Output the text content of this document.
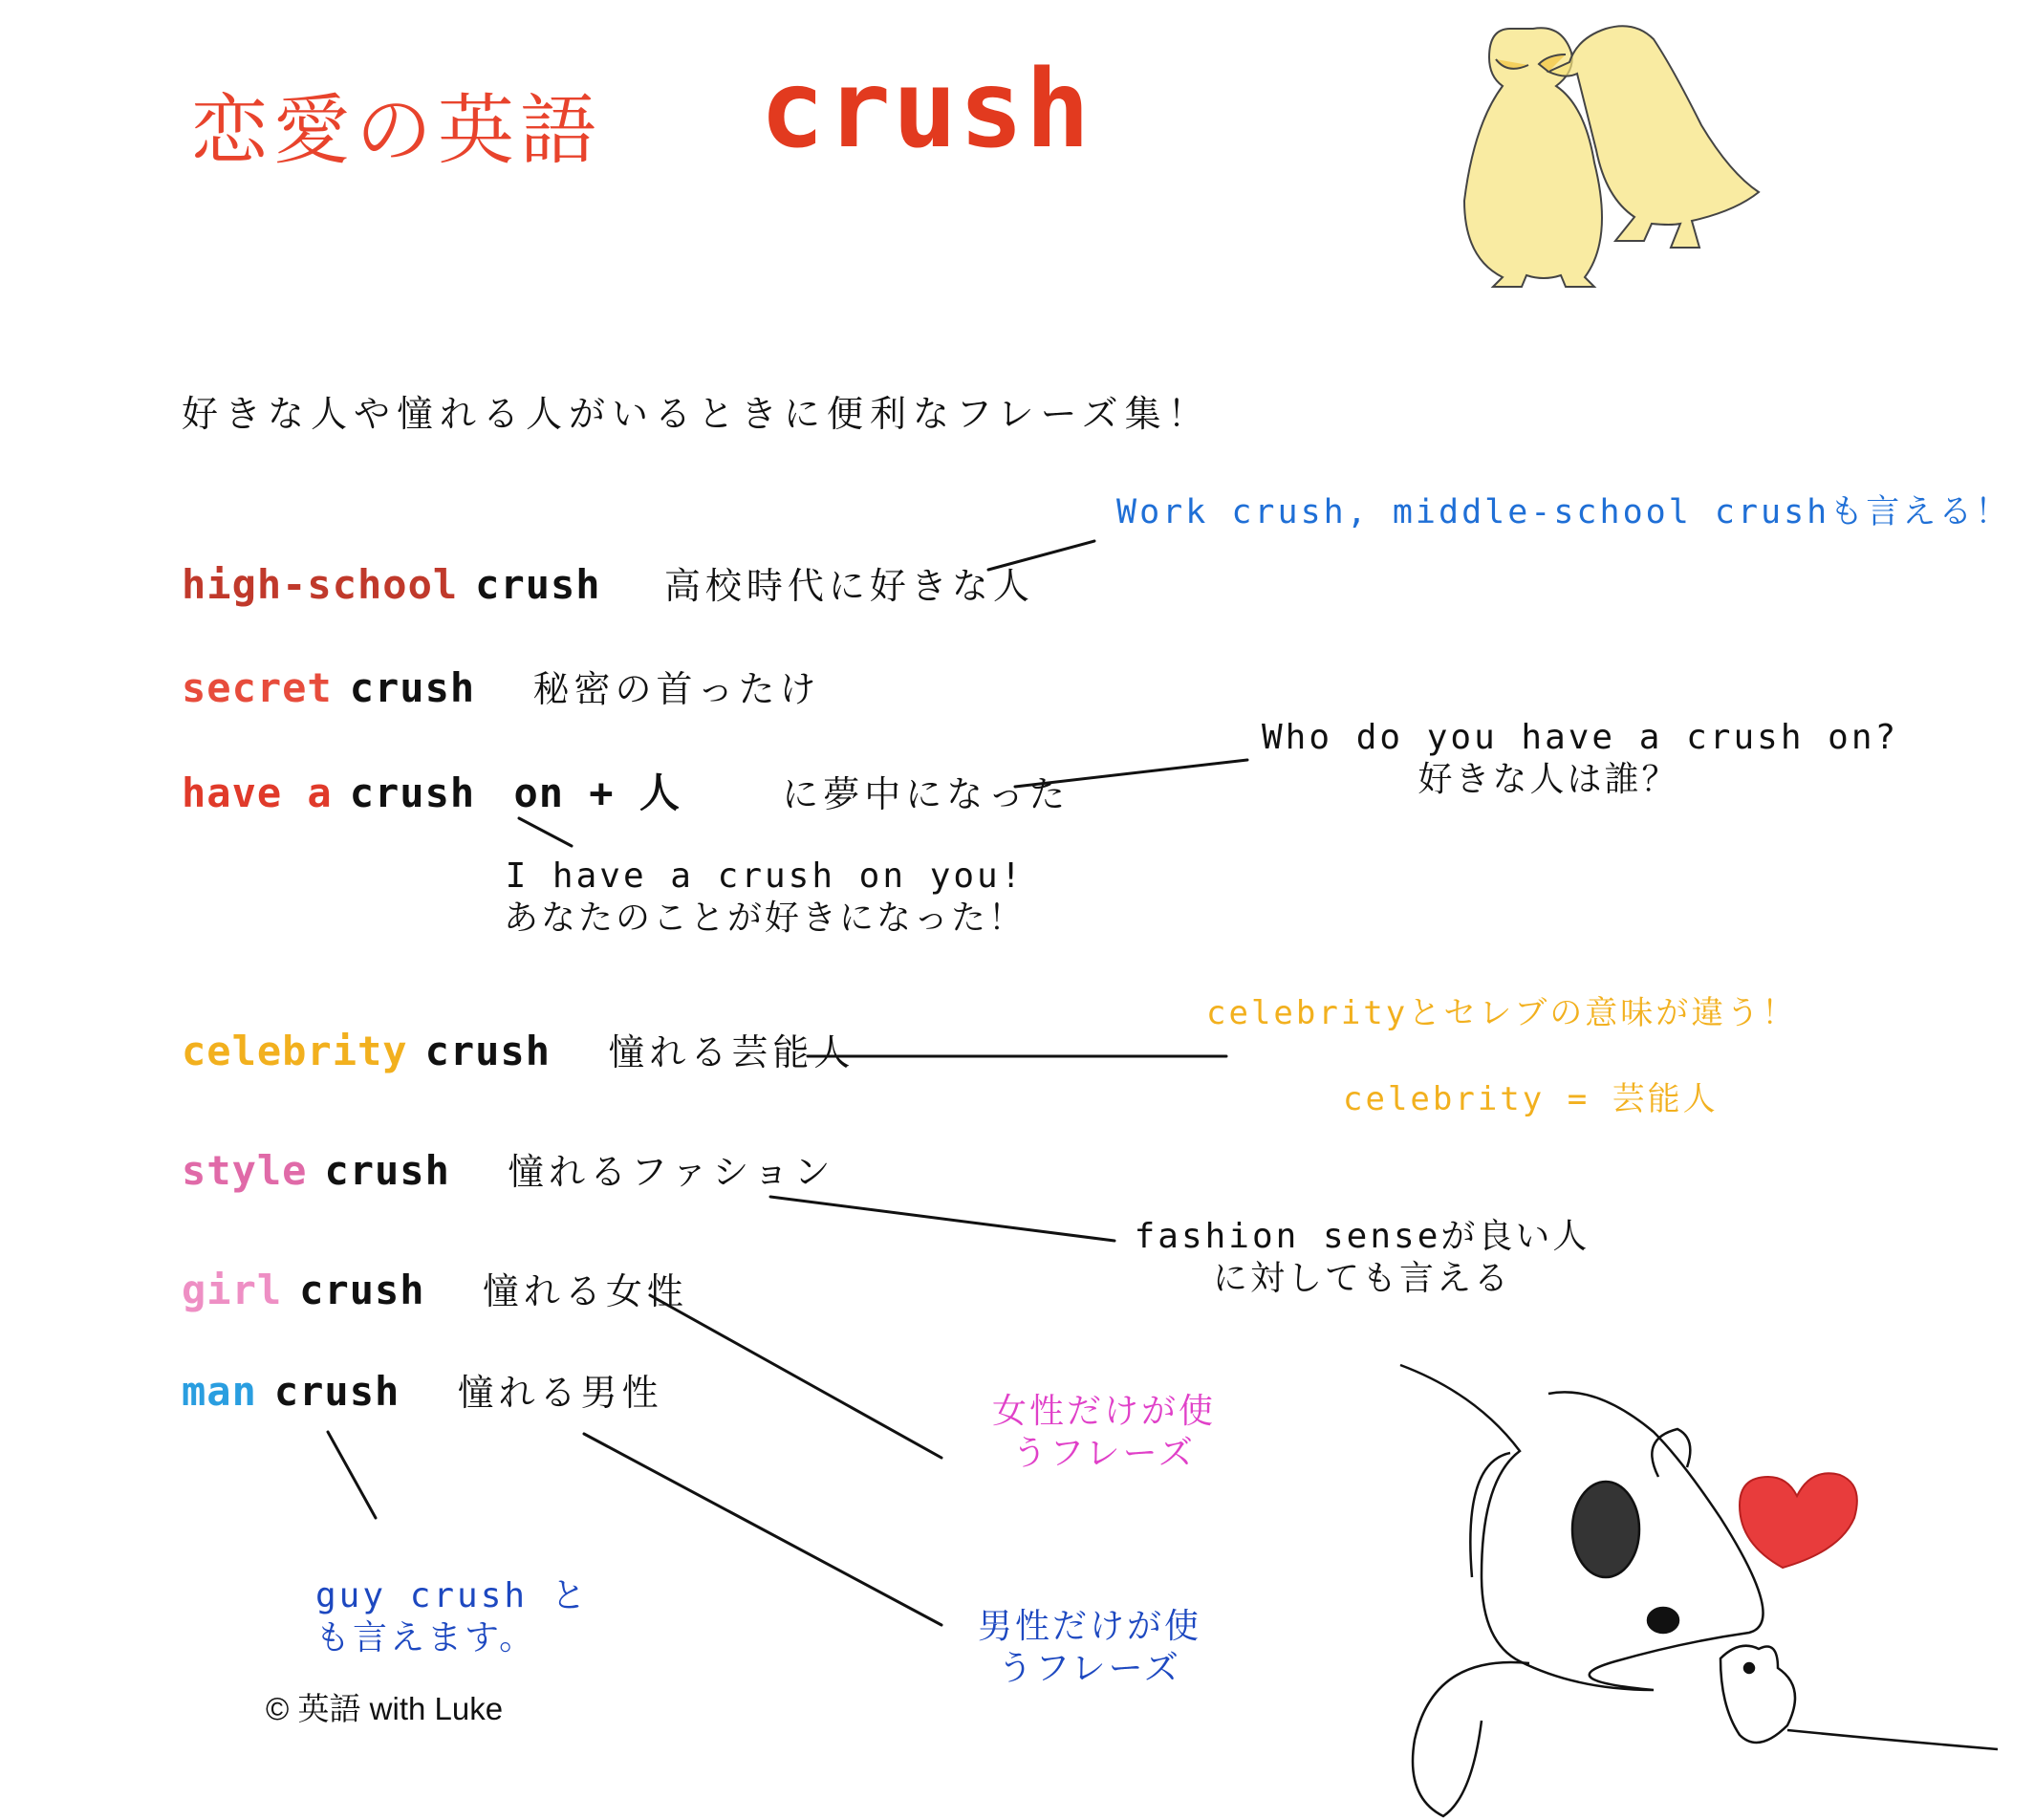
恋愛の英語 crush
好きな人や憧れる人がいるときに便利なフレーズ集！
high-school crush 高校時代に好きな人
secret crush 秘密の首ったけ
have a crush on + 人	に夢中になった
celebrity crush 憧れる芸能人
style crush 憧れるファション
girl crush 憧れる女性
man crush 憧れる男性
Work crush, middle-school crushも言える！
Who do you have a crush on?
好きな人は誰？
I have a crush on you!
あなたのことが好きになった！
celebrityとセレブの意味が違う！
celebrity = 芸能人
fashion senseが良い人
に対しても言える
女性だけが使
うフレーズ
男性だけが使
うフレーズ
guy crush と
も言えます。
© 英語 with Luke
